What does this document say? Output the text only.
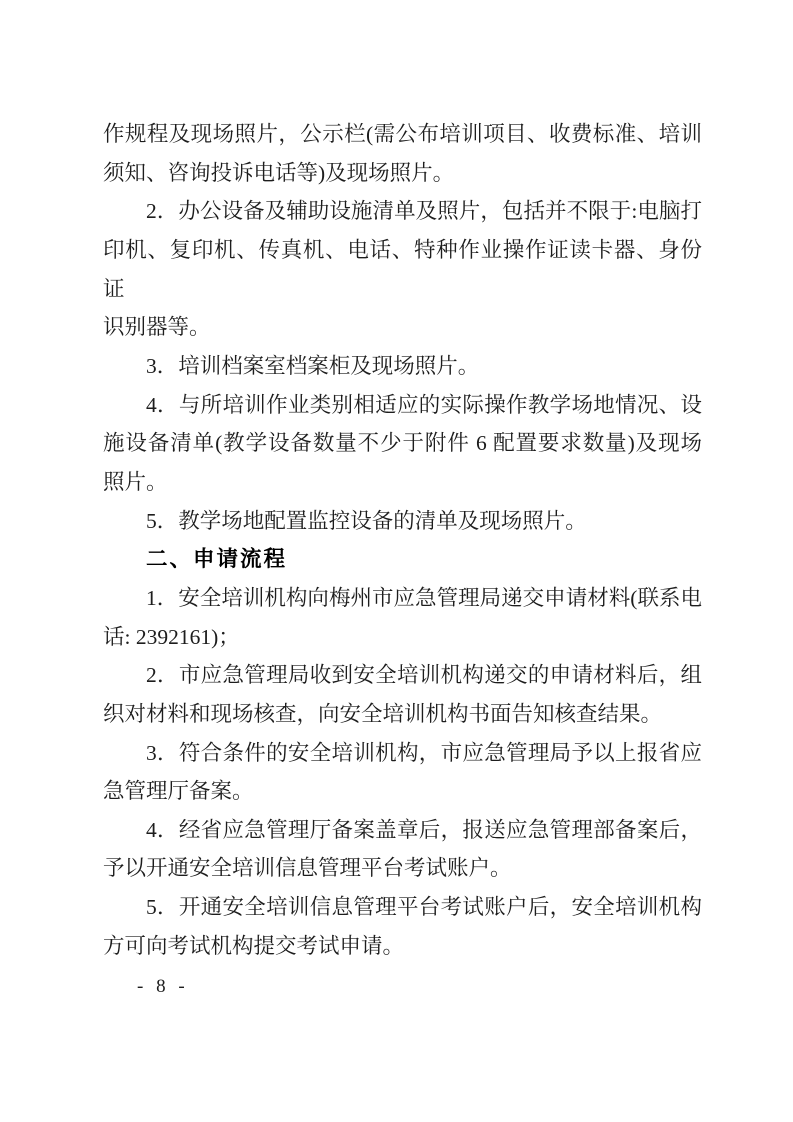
作规程及现场照片，公示栏(需公布培训项目、收费标准、培训
须知、咨询投诉电话等)及现场照片。
2．办公设备及辅助设施清单及照片，包括并不限于:电脑打
印机、复印机、传真机、电话、特种作业操作证读卡器、身份证
识别器等。
3．培训档案室档案柜及现场照片。
4．与所培训作业类别相适应的实际操作教学场地情况、设
施设备清单(教学设备数量不少于附件 6 配置要求数量)及现场
照片。
5．教学场地配置监控设备的清单及现场照片。
二、申请流程
1．安全培训机构向梅州市应急管理局递交申请材料(联系电
话: 2392161)；
2．市应急管理局收到安全培训机构递交的申请材料后，组
织对材料和现场核查，向安全培训机构书面告知核查结果。
3．符合条件的安全培训机构，市应急管理局予以上报省应
急管理厅备案。
4．经省应急管理厅备案盖章后，报送应急管理部备案后，
予以开通安全培训信息管理平台考试账户。
5．开通安全培训信息管理平台考试账户后，安全培训机构
方可向考试机构提交考试申请。
- 8 -
